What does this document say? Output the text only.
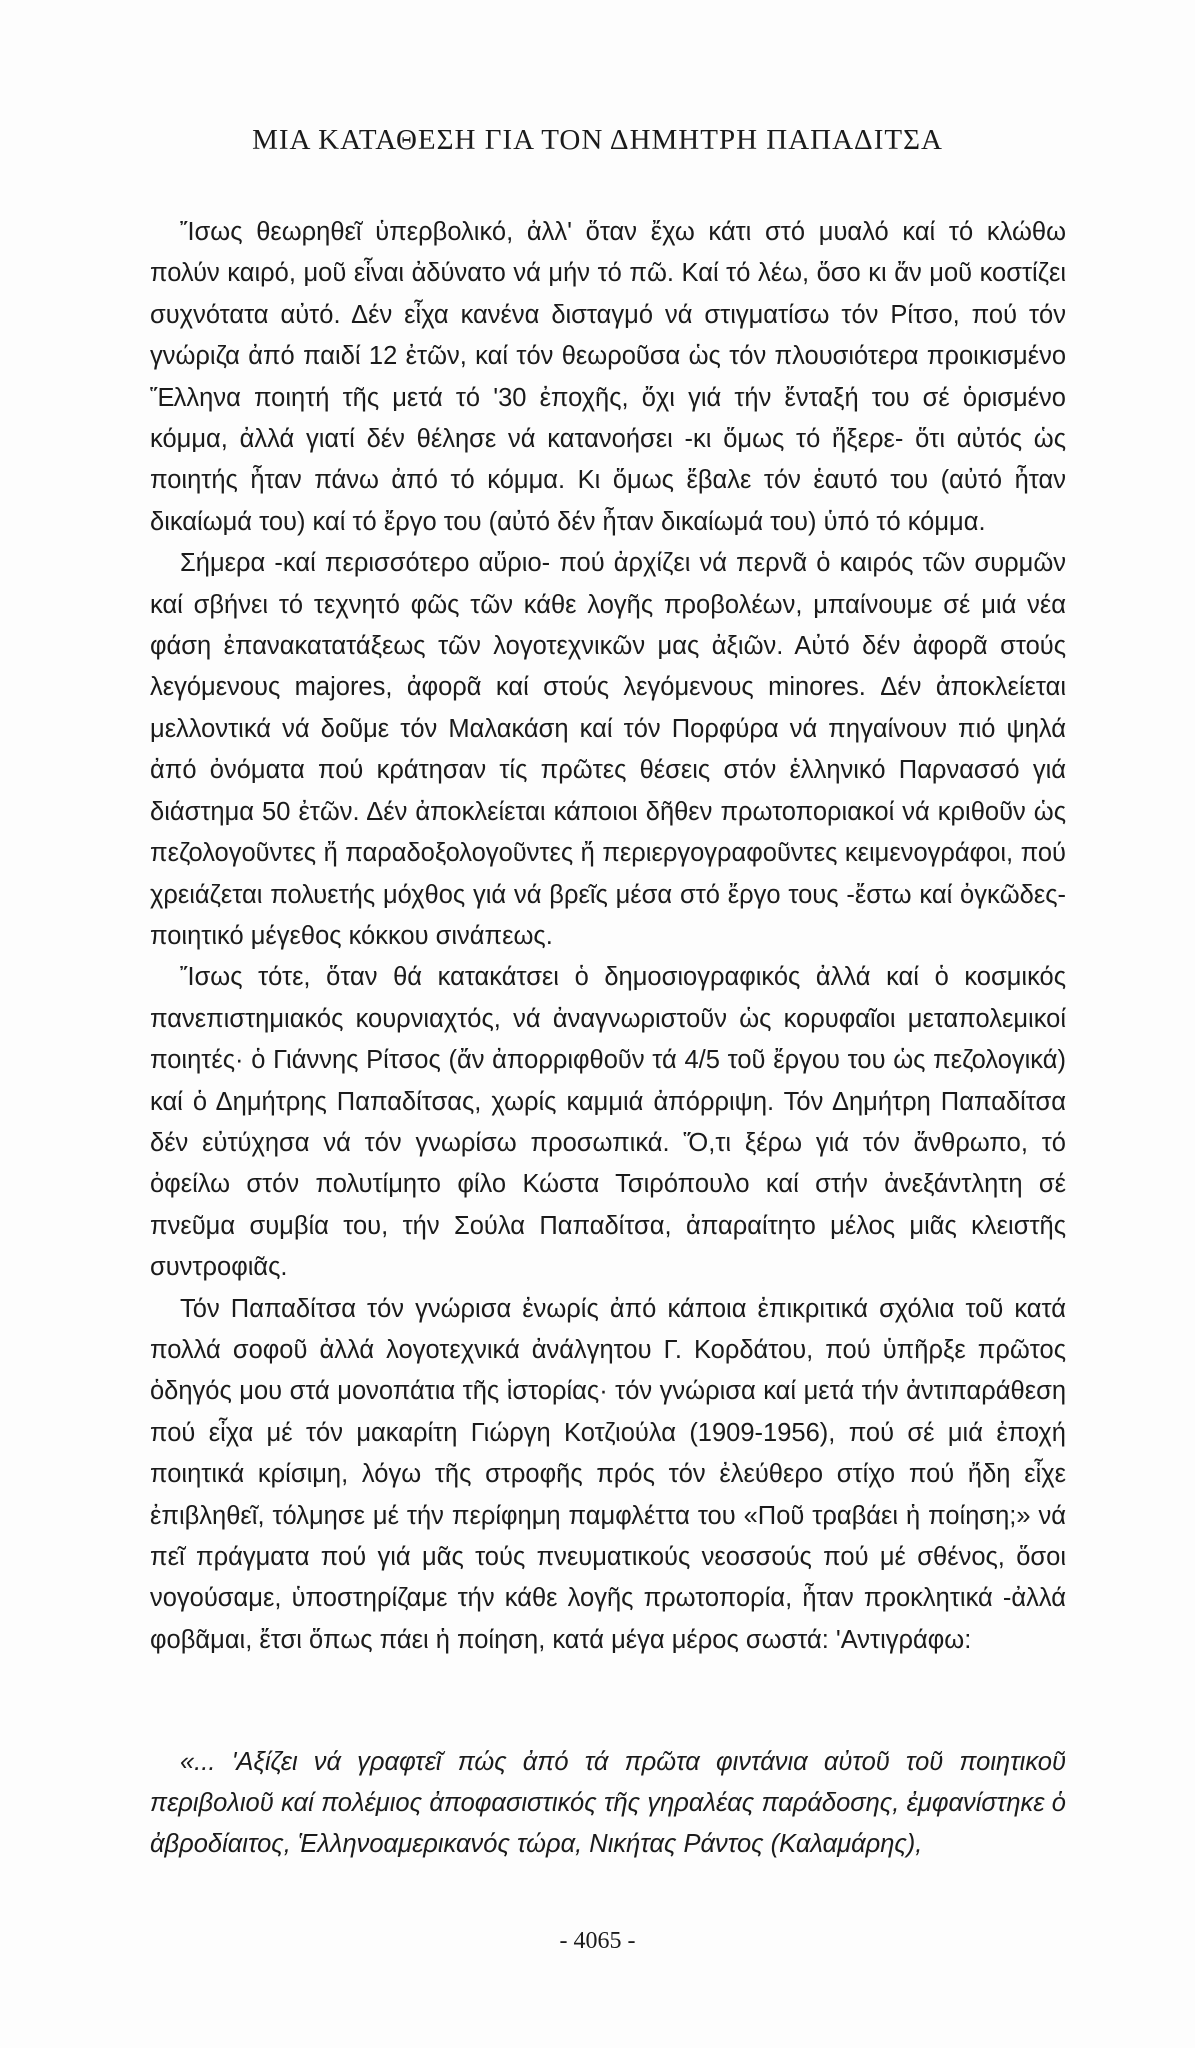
ΜΙΑ ΚΑΤΑΘΕΣΗ ΓΙΑ ΤΟΝ ΔΗΜΗΤΡΗ ΠΑΠΑΔΙΤΣΑ

Ἴσως θεωρηθεῖ ὑπερβολικό, ἀλλ' ὅταν ἔχω κάτι στό μυαλό καί τό κλώθω πολύν καιρό, μοῦ εἶναι ἀδύνατο νά μήν τό πῶ. Καί τό λέω, ὅσο κι ἄν μοῦ κοστίζει συχνότατα αὐτό. Δέν εἶχα κανένα δισταγμό νά στιγματίσω τόν Ρίτσο, πού τόν γνώριζα ἀπό παιδί 12 ἐτῶν, καί τόν θεωροῦσα ὡς τόν πλουσιότερα προικισμένο Ἕλληνα ποιητή τῆς μετά τό '30 ἐποχῆς, ὄχι γιά τήν ἔνταξή του σέ ὁρισμένο κόμμα, ἀλλά γιατί δέν θέλησε νά κατανοήσει -κι ὅμως τό ἤξερε- ὅτι αὐτός ὡς ποιητής ἦταν πάνω ἀπό τό κόμμα. Κι ὅμως ἔβαλε τόν ἑαυτό του (αὐτό ἦταν δικαίωμά του) καί τό ἔργο του (αὐτό δέν ἦταν δικαίωμά του) ὑπό τό κόμμα.

Σήμερα -καί περισσότερο αὔριο- πού ἀρχίζει νά περνᾶ ὁ καιρός τῶν συρμῶν καί σβήνει τό τεχνητό φῶς τῶν κάθε λογῆς προβολέων, μπαίνουμε σέ μιά νέα φάση ἐπανακατατάξεως τῶν λογοτεχνικῶν μας ἀξιῶν. Αὐτό δέν ἀφορᾶ στούς λεγόμενους majores, ἀφορᾶ καί στούς λεγόμενους minores. Δέν ἀποκλείεται μελλοντικά νά δοῦμε τόν Μαλακάση καί τόν Πορφύρα νά πηγαίνουν πιό ψηλά ἀπό ὀνόματα πού κράτησαν τίς πρῶτες θέσεις στόν ἑλληνικό Παρνασσό γιά διάστημα 50 ἐτῶν. Δέν ἀποκλείεται κάποιοι δῆθεν πρωτοποριακοί νά κριθοῦν ὡς πεζολογοῦντες ἤ παραδοξολογοῦντες ἤ περιεργογραφοῦντες κειμενογράφοι, πού χρειάζεται πολυετής μόχθος γιά νά βρεῖς μέσα στό ἔργο τους -ἔστω καί ὀγκῶδες- ποιητικό μέγεθος κόκκου σινάπεως.

Ἴσως τότε, ὅταν θά κατακάτσει ὁ δημοσιογραφικός ἀλλά καί ὁ κοσμικός πανεπιστημιακός κουρνιαχτός, νά ἀναγνωριστοῦν ὡς κορυφαῖοι μεταπολεμικοί ποιητές· ὁ Γιάννης Ρίτσος (ἄν ἀπορριφθοῦν τά 4/5 τοῦ ἔργου του ὡς πεζολογικά) καί ὁ Δημήτρης Παπαδίτσας, χωρίς καμμιά ἀπόρριψη. Τόν Δημήτρη Παπαδίτσα δέν εὐτύχησα νά τόν γνωρίσω προσωπικά. Ὅ,τι ξέρω γιά τόν ἄνθρωπο, τό ὀφείλω στόν πολυτίμητο φίλο Κώστα Τσιρόπουλο καί στήν ἀνεξάντλητη σέ πνεῦμα συμβία του, τήν Σούλα Παπαδίτσα, ἀπαραίτητο μέλος μιᾶς κλειστῆς συντροφιᾶς.

Τόν Παπαδίτσα τόν γνώρισα ἐνωρίς ἀπό κάποια ἐπικριτικά σχόλια τοῦ κατά πολλά σοφοῦ ἀλλά λογοτεχνικά ἀνάλγητου Γ. Κορδάτου, πού ὑπῆρξε πρῶτος ὁδηγός μου στά μονοπάτια τῆς ἱστορίας· τόν γνώρισα καί μετά τήν ἀντιπαράθεση πού εἶχα μέ τόν μακαρίτη Γιώργη Κοτζιούλα (1909-1956), πού σέ μιά ἐποχή ποιητικά κρίσιμη, λόγω τῆς στροφῆς πρός τόν ἐλεύθερο στίχο πού ἤδη εἶχε ἐπιβληθεῖ, τόλμησε μέ τήν περίφημη παμφλέττα του «Ποῦ τραβάει ἡ ποίηση;» νά πεῖ πράγματα πού γιά μᾶς τούς πνευματικούς νεοσσούς πού μέ σθένος, ὅσοι νογούσαμε, ὑποστηρίζαμε τήν κάθε λογῆς πρωτοπορία, ἦταν προκλητικά -ἀλλά φοβᾶμαι, ἔτσι ὅπως πάει ἡ ποίηση, κατά μέγα μέρος σωστά: 'Αντιγράφω:

«... 'Αξίζει νά γραφτεῖ πώς ἀπό τά πρῶτα φιντάνια αὐτοῦ τοῦ ποιητικοῦ περιβολιοῦ καί πολέμιος ἀποφασιστικός τῆς γηραλέας παράδοσης, ἐμφανίστηκε ὁ ἀβροδίαιτος, Ἑλληνοαμερικανός τώρα, Νικήτας Ράντος (Καλαμάρης),

- 4065 -
